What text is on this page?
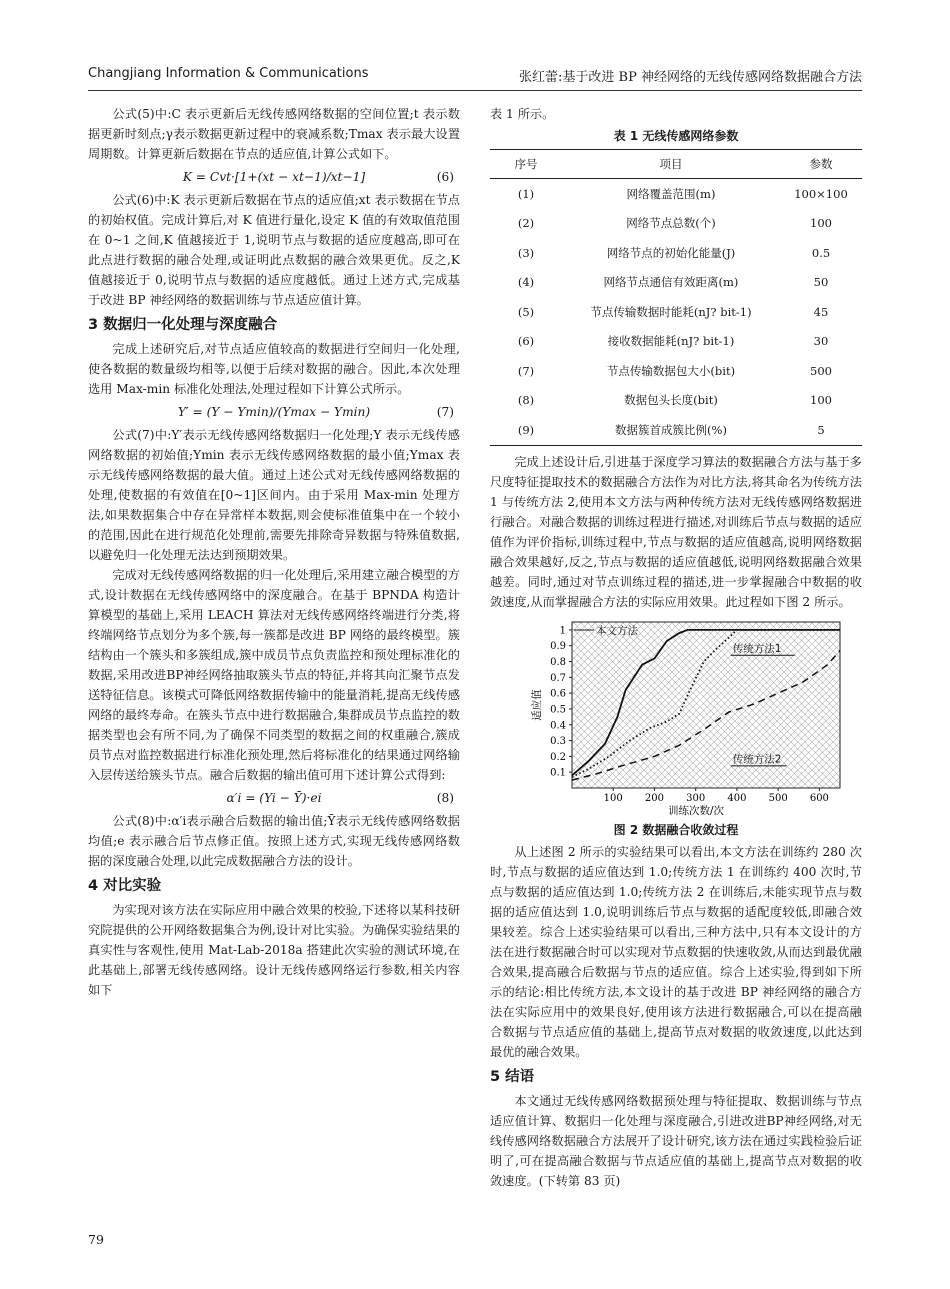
Changjiang Information & Communications	张红蕾:基于改进 BP 神经网络的无线传感网络数据融合方法

公式(5)中:C 表示更新后无线传感网络数据的空间位置;t 表示数据更新时刻点;γ表示数据更新过程中的衰减系数;Tmax 表示最大设置周期数。计算更新后数据在节点的适应值,计算公式如下。

K = Cvt·[1+(xt − xt−1)/xt−1]	(6)

公式(6)中:K 表示更新后数据在节点的适应值;xt 表示数据在节点的初始权值。完成计算后,对 K 值进行量化,设定 K 值的有效取值范围在 0~1 之间,K 值越接近于 1,说明节点与数据的适应度越高,即可在此点进行数据的融合处理,或证明此点数据的融合效果更优。反之,K 值越接近于 0,说明节点与数据的适应度越低。通过上述方式,完成基于改进 BP 神经网络的数据训练与节点适应值计算。

3 数据归一化处理与深度融合

完成上述研究后,对节点适应值较高的数据进行空间归一化处理,使各数据的数量级均相等,以便于后续对数据的融合。因此,本次处理选用 Max-min 标准化处理法,处理过程如下计算公式所示。

Y′ = (Y − Ymin)/(Ymax − Ymin)	(7)

公式(7)中:Y′表示无线传感网络数据归一化处理;Y 表示无线传感网络数据的初始值;Ymin 表示无线传感网络数据的最小值;Ymax 表示无线传感网络数据的最大值。通过上述公式对无线传感网络数据的处理,使数据的有效值在[0~1]区间内。由于采用 Max-min 处理方法,如果数据集合中存在异常样本数据,则会使标准值集中在一个较小的范围,因此在进行规范化处理前,需要先排除奇异数据与特殊值数据,以避免归一化处理无法达到预期效果。

完成对无线传感网络数据的归一化处理后,采用建立融合模型的方式,设计数据在无线传感网络中的深度融合。在基于 BPNDA 构造计算模型的基础上,采用 LEACH 算法对无线传感网络终端进行分类,将终端网络节点划分为多个簇,每一簇都是改进 BP 网络的最终模型。簇结构由一个簇头和多簇组成,簇中成员节点负责监控和预处理标准化的数据,采用改进BP神经网络抽取簇头节点的特征,并将其向汇聚节点发送特征信息。该模式可降低网络数据传输中的能量消耗,提高无线传感网络的最终寿命。在簇头节点中进行数据融合,集群成员节点监控的数据类型也会有所不同,为了确保不同类型的数据之间的权重融合,簇成员节点对监控数据进行标准化预处理,然后将标准化的结果通过网络输入层传送给簇头节点。融合后数据的输出值可用下述计算公式得到:

α′i = (Yi − Ȳ)·ei	(8)

公式(8)中:α′i表示融合后数据的输出值;Ȳ表示无线传感网络数据均值;e 表示融合后节点修正值。按照上述方式,实现无线传感网络数据的深度融合处理,以此完成数据融合方法的设计。

4 对比实验

为实现对该方法在实际应用中融合效果的校验,下述将以某科技研究院提供的公开网络数据集合为例,设计对比实验。为确保实验结果的真实性与客观性,使用 Mat-Lab-2018a 搭建此次实验的测试环境,在此基础上,部署无线传感网络。设计无线传感网络运行参数,相关内容如下

表 1 所示。

表 1 无线传感网络参数
序号	项目	参数
(1)	网络覆盖范围(m)	100×100
(2)	网络节点总数(个)	100
(3)	网络节点的初始化能量(J)	0.5
(4)	网络节点通信有效距离(m)	50
(5)	节点传输数据时能耗(nJ? bit-1)	45
(6)	接收数据能耗(nJ? bit-1)	30
(7)	节点传输数据包大小(bit)	500
(8)	数据包头长度(bit)	100
(9)	数据簇首成簇比例(%)	5

完成上述设计后,引进基于深度学习算法的数据融合方法与基于多尺度特征提取技术的数据融合方法作为对比方法,将其命名为传统方法 1 与传统方法 2,使用本文方法与两种传统方法对无线传感网络数据进行融合。对融合数据的训练过程进行描述,对训练后节点与数据的适应值作为评价指标,训练过程中,节点与数据的适应值越高,说明网络数据融合效果越好,反之,节点与数据的适应值越低,说明网络数据融合效果越差。同时,通过对节点训练过程的描述,进一步掌握融合中数据的收敛速度,从而掌握融合方法的实际应用效果。此过程如下图 2 所示。

0.1
0.2
0.3
0.4
0.5
0.6
0.7
0.8
0.9
1
100 200 300 400 500 600
本文方法
传统方法1
传统方法2
训练次数/次
适应值
图 2 数据融合收敛过程

从上述图 2 所示的实验结果可以看出,本文方法在训练约 280 次时,节点与数据的适应值达到 1.0;传统方法 1 在训练约 400 次时,节点与数据的适应值达到 1.0;传统方法 2 在训练后,未能实现节点与数据的适应值达到 1.0,说明训练后节点与数据的适配度较低,即融合效果较差。综合上述实验结果可以看出,三种方法中,只有本文设计的方法在进行数据融合时可以实现对节点数据的快速收敛,从而达到最优融合效果,提高融合后数据与节点的适应值。综合上述实验,得到如下所示的结论:相比传统方法,本文设计的基于改进 BP 神经网络的融合方法在实际应用中的效果良好,使用该方法进行数据融合,可以在提高融合数据与节点适应值的基础上,提高节点对数据的收敛速度,以此达到最优的融合效果。

5 结语

本文通过无线传感网络数据预处理与特征提取、数据训练与节点适应值计算、数据归一化处理与深度融合,引进改进BP神经网络,对无线传感网络数据融合方法展开了设计研究,该方法在通过实践检验后证明了,可在提高融合数据与节点适应值的基础上,提高节点对数据的收敛速度。(下转第 83 页)

79
